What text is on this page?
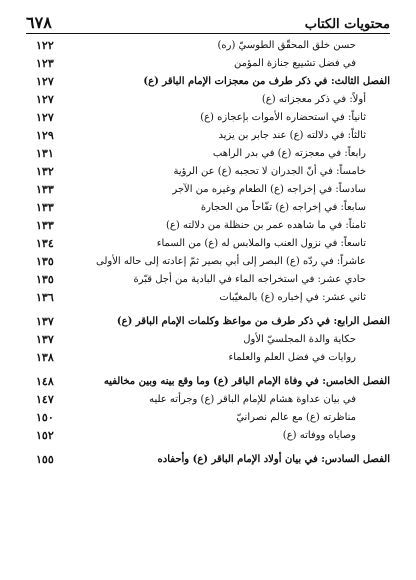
محتويات الكتاب
٦٧٨
حسن خلق المحقّق الطوسيّ (ره)
١٢٢
في فضل تشييع جنازة المؤمن
١٢٣
الفصل الثالث: في ذكر طرف من معجزات الإمام الباقر (ع)
١٢٧
أولاً: في ذكر معجزاته (ع)
١٢٧
ثانياً: في استحضاره الأموات بإعجازه (ع)
١٢٧
ثالثاً: في دلالته (ع) عند جابر بن يزيد
١٢٩
رابعاً: في معجزته (ع) في بدر الراهب
١٣١
خامساً: في أنّ الجدران لا تحجبه (ع) عن الرؤية
١٣٢
سادساً: في إخراجه (ع) الطعام وغيره من الآجر
١٣٣
سابعاً: في إخراجه (ع) تفّاحاً من الحجارة
١٣٣
ثامناً: في ما شاهده عمر بن حنظلة من دلالته (ع)
١٣٣
تاسعاً: في نزول العنب والملابس له (ع) من السماء
١٣٤
عاشراً: في ردّه (ع) البصر إلى أبي بصير ثمّ إعادته إلى حاله الأولى
١٣٥
حادي عشر: في استخراجه الماء في البادية من أجل قبّرة
١٣٥
ثاني عشر: في إخباره (ع) بالمغيّبات
١٣٦
الفصل الرابع: في ذكر طرف من مواعظ وكلمات الإمام الباقر (ع)
١٣٧
حكاية والدة المجلسيّ الأول
١٣٧
روايات في فضل العلم والعلماء
١٣٨
الفصل الخامس: في وفاة الإمام الباقر (ع) وما وقع بينه وبين مخالفيه
١٤٨
في بيان عداوة هشام للإمام الباقر (ع) وجرأته عليه
١٤٧
مناظرته (ع) مع عالم نصرانيّ
١٥٠
وصاياه ووفاته (ع)
١٥٢
الفصل السادس: في بيان أولاد الإمام الباقر (ع) وأحفاده
١٥٥
